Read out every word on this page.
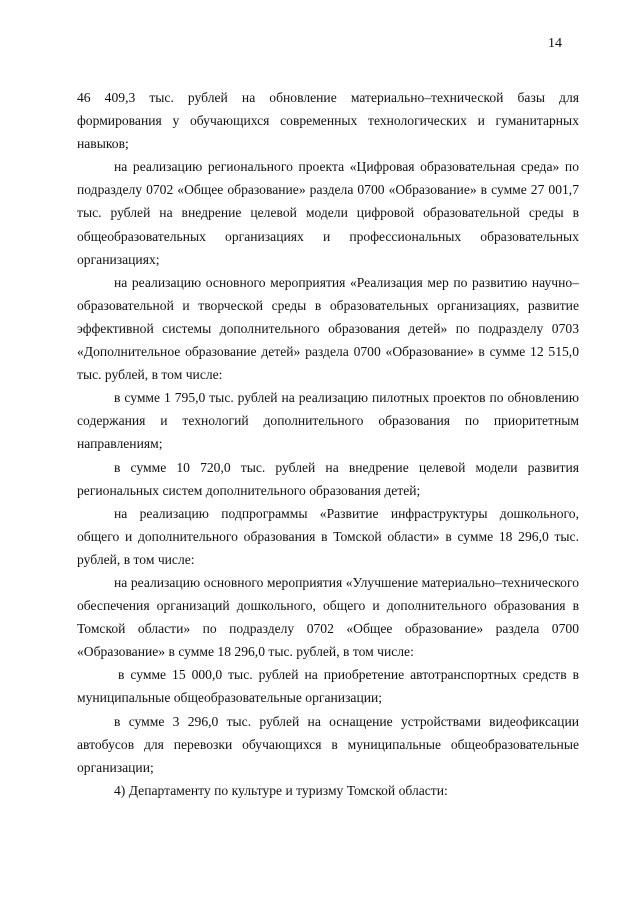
14

46 409,3 тыс. рублей на обновление материально–технической базы для формирования у обучающихся современных технологических и гуманитарных навыков;

на реализацию регионального проекта «Цифровая образовательная среда» по подразделу 0702 «Общее образование» раздела 0700 «Образование» в сумме 27 001,7 тыс. рублей на внедрение целевой модели цифровой образовательной среды в общеобразовательных организациях и профессиональных образовательных организациях;

на реализацию основного мероприятия «Реализация мер по развитию научно–образовательной и творческой среды в образовательных организациях, развитие эффективной системы дополнительного образования детей» по подразделу 0703 «Дополнительное образование детей» раздела 0700 «Образование» в сумме 12 515,0 тыс. рублей, в том числе:

в сумме 1 795,0 тыс. рублей на реализацию пилотных проектов по обновлению содержания и технологий дополнительного образования по приоритетным направлениям;

в сумме 10 720,0 тыс. рублей на внедрение целевой модели развития региональных систем дополнительного образования детей;

на реализацию подпрограммы «Развитие инфраструктуры дошкольного, общего и дополнительного образования в Томской области» в сумме 18 296,0 тыс. рублей, в том числе:

на реализацию основного мероприятия «Улучшение материально–технического обеспечения организаций дошкольного, общего и дополнительного образования в Томской области» по подразделу 0702 «Общее образование» раздела 0700 «Образование» в сумме 18 296,0 тыс. рублей, в том числе:

в сумме 15 000,0 тыс. рублей на приобретение автотранспортных средств в муниципальные общеобразовательные организации;

в сумме 3 296,0 тыс. рублей на оснащение устройствами видеофиксации автобусов для перевозки обучающихся в муниципальные общеобразовательные организации;

4) Департаменту по культуре и туризму Томской области:
